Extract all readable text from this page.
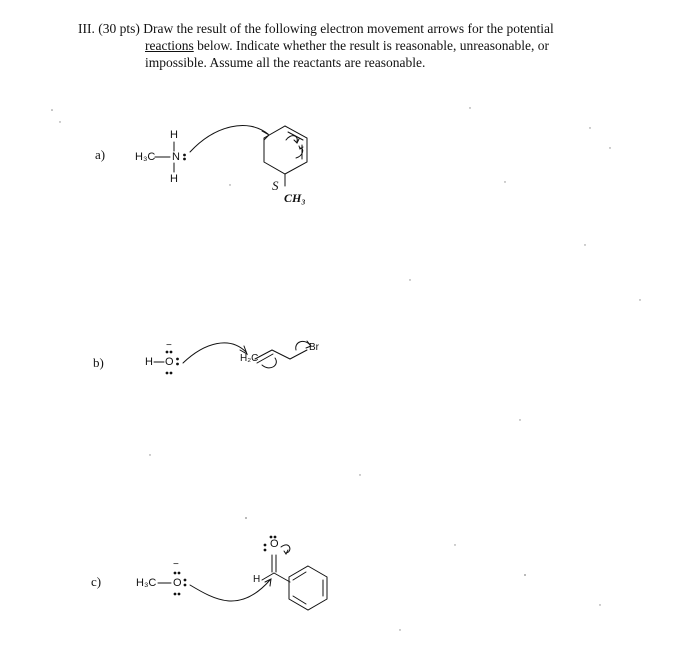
III. (30 pts) Draw the result of the following electron movement arrows for the potential
reactions below. Indicate whether the result is reasonable, unreasonable, or
impossible. Assume all the reactants are reasonable.
a)
b)
c)
H
H₃C N
H	S
CH₃
H O
−
H₂C
Br
H₃C O
−
O
H
